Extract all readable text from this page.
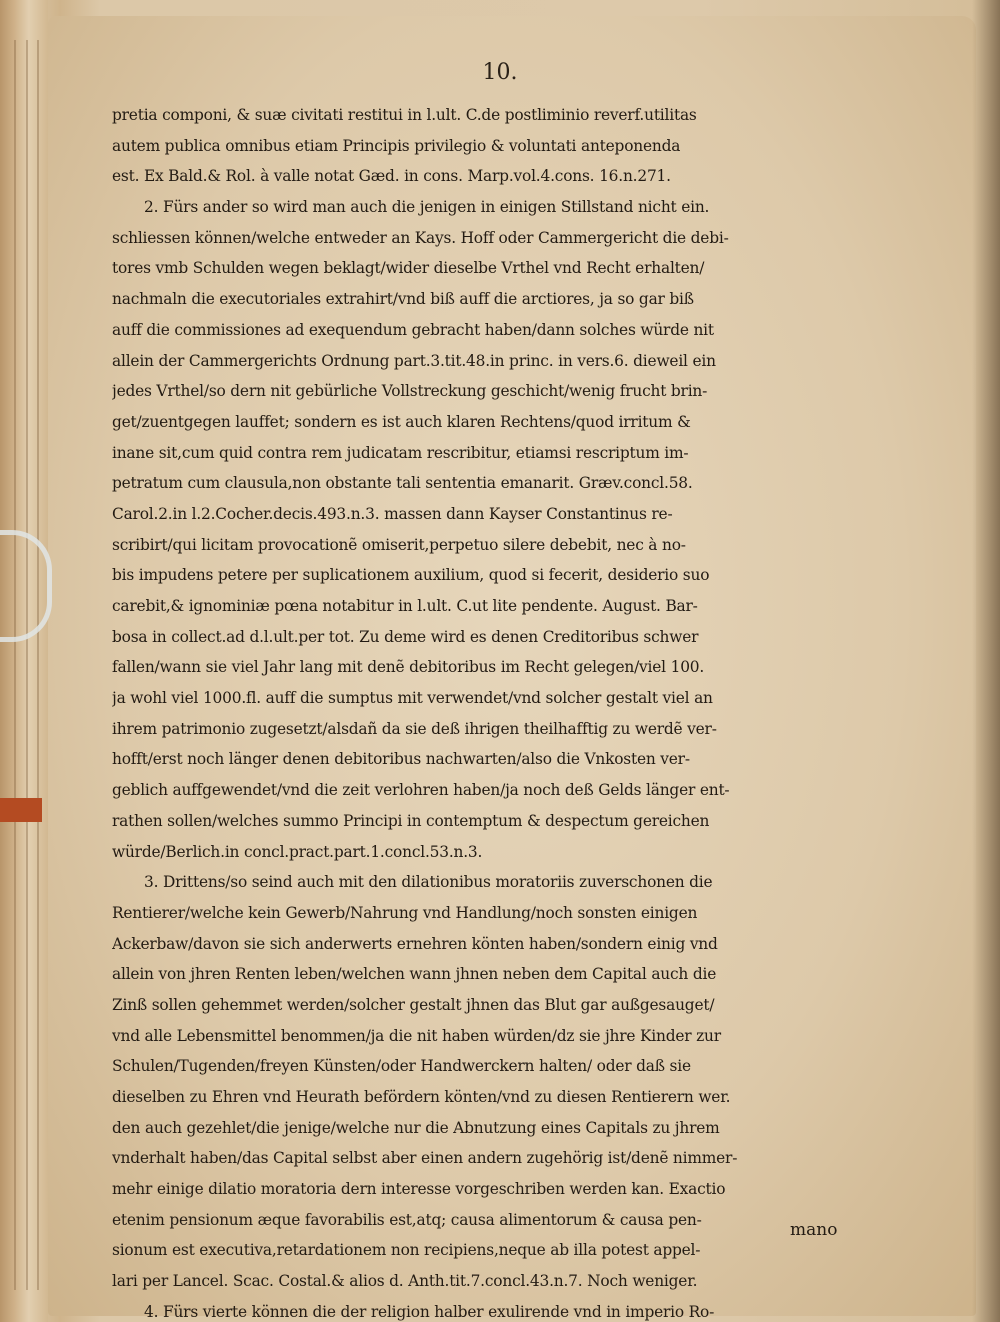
10.
pretia componi, & suæ civitati restitui in l.ult. C.de postliminio reverf.utilitas
autem publica omnibus etiam Principis privilegio & voluntati anteponenda
est. Ex Bald.& Rol. à valle notat Gæd. in cons. Marp.vol.4.cons. 16.n.271.
2. Fürs ander so wird man auch die jenigen in einigen Stillstand nicht ein.
schliessen können/welche entweder an Kays. Hoff oder Cammergericht die debi-
tores vmb Schulden wegen beklagt/wider dieselbe Vrthel vnd Recht erhalten/
nachmaln die executoriales extrahirt/vnd biß auff die arctiores, ja so gar biß
auff die commissiones ad exequendum gebracht haben/dann solches würde nit
allein der Cammergerichts Ordnung part.3.tit.48.in princ. in vers.6. dieweil ein
jedes Vrthel/so dern nit gebürliche Vollstreckung geschicht/wenig frucht brin-
get/zuentgegen lauffet; sondern es ist auch klaren Rechtens/quod irritum &
inane sit,cum quid contra rem judicatam rescribitur, etiamsi rescriptum im-
petratum cum clausula,non obstante tali sententia emanarit. Græv.concl.58.
Carol.2.in l.2.Cocher.decis.493.n.3. massen dann Kayser Constantinus re-
scribirt/qui licitam provocationẽ omiserit,perpetuo silere debebit, nec à no-
bis impudens petere per suplicationem auxilium, quod si fecerit, desiderio suo
carebit,& ignominiæ pœna notabitur in l.ult. C.ut lite pendente. August. Bar-
bosa in collect.ad d.l.ult.per tot. Zu deme wird es denen Creditoribus schwer
fallen/wann sie viel Jahr lang mit denẽ debitoribus im Recht gelegen/viel 100.
ja wohl viel 1000.fl. auff die sumptus mit verwendet/vnd solcher gestalt viel an
ihrem patrimonio zugesetzt/alsdañ da sie deß ihrigen theilhafftig zu werdẽ ver-
hofft/erst noch länger denen debitoribus nachwarten/also die Vnkosten ver-
geblich auffgewendet/vnd die zeit verlohren haben/ja noch deß Gelds länger ent-
rathen sollen/welches summo Principi in contemptum & despectum gereichen
würde/Berlich.in concl.pract.part.1.concl.53.n.3.
3. Drittens/so seind auch mit den dilationibus moratoriis zuverschonen die
Rentierer/welche kein Gewerb/Nahrung vnd Handlung/noch sonsten einigen
Ackerbaw/davon sie sich anderwerts ernehren könten haben/sondern einig vnd
allein von jhren Renten leben/welchen wann jhnen neben dem Capital auch die
Zinß sollen gehemmet werden/solcher gestalt jhnen das Blut gar außgesauget/
vnd alle Lebensmittel benommen/ja die nit haben würden/dz sie jhre Kinder zur
Schulen/Tugenden/freyen Künsten/oder Handwerckern halten/ oder daß sie
dieselben zu Ehren vnd Heurath befördern könten/vnd zu diesen Rentierern wer.
den auch gezehlet/die jenige/welche nur die Abnutzung eines Capitals zu jhrem
vnderhalt haben/das Capital selbst aber einen andern zugehörig ist/denẽ nimmer-
mehr einige dilatio moratoria dern interesse vorgeschriben werden kan. Exactio
etenim pensionum æque favorabilis est,atq; causa alimentorum & causa pen-
sionum est executiva,retardationem non recipiens,neque ab illa potest appel-
lari per Lancel. Scac. Costal.& alios d. Anth.tit.7.concl.43.n.7. Noch weniger.
4. Fürs vierte können die der religion halber exulirende vnd in imperio Ro-
mano
